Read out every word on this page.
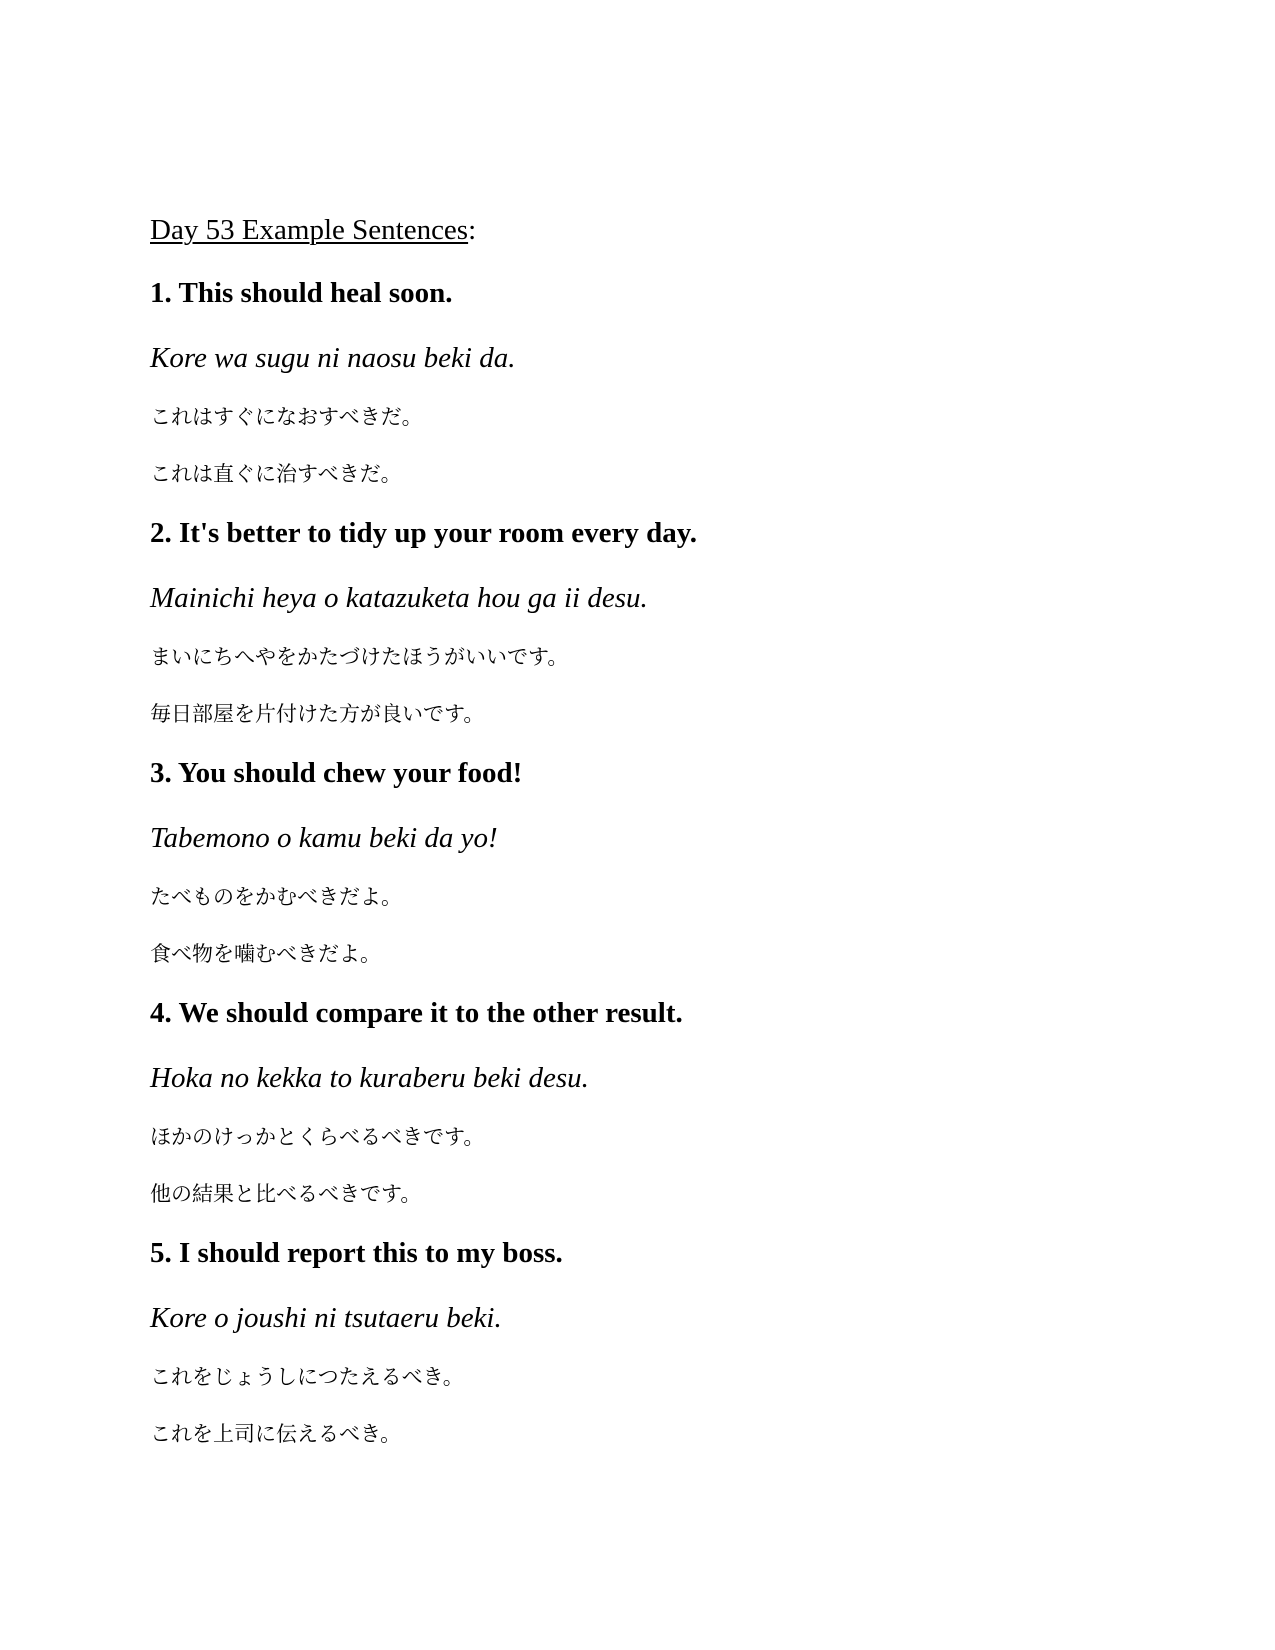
Day 53 Example Sentences:
1. This should heal soon.
Kore wa sugu ni naosu beki da.
これはすぐになおすべきだ。
これは直ぐに治すべきだ。
2. It's better to tidy up your room every day.
Mainichi heya o katazuketa hou ga ii desu.
まいにちへやをかたづけたほうがいいです。
毎日部屋を片付けた方が良いです。
3. You should chew your food!
Tabemono o kamu beki da yo!
たべものをかむべきだよ。
食べ物を噛むべきだよ。
4. We should compare it to the other result.
Hoka no kekka to kuraberu beki desu.
ほかのけっかとくらべるべきです。
他の結果と比べるべきです。
5. I should report this to my boss.
Kore o joushi ni tsutaeru beki.
これをじょうしにつたえるべき。
これを上司に伝えるべき。
